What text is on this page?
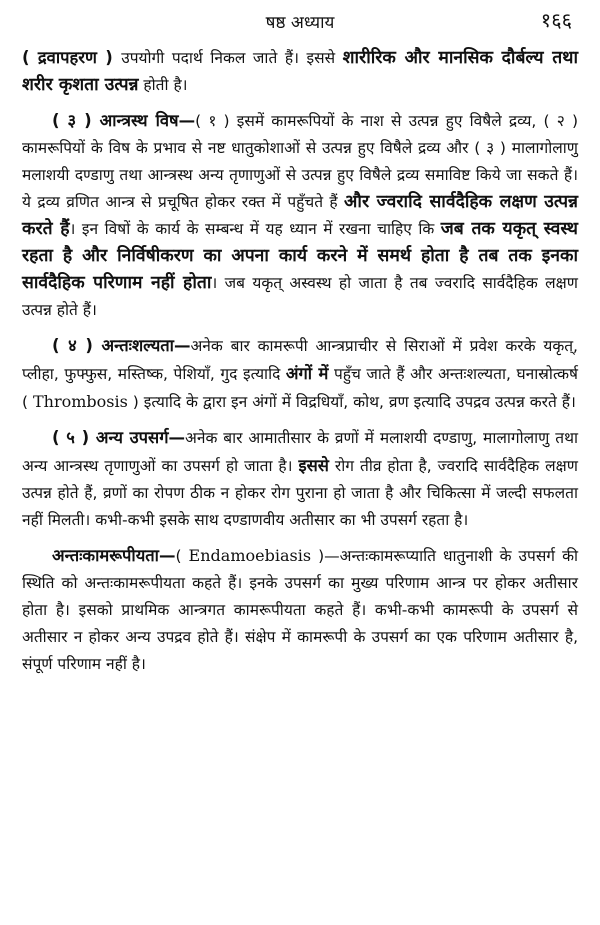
षष्ठ अध्याय	१६६

( द्रवापहरण ) उपयोगी पदार्थ निकल जाते हैं। इससे शारीरिक और मानसिक दौर्बल्य तथा शरीर कृशता उत्पन्न होती है।

( ३ ) आन्त्रस्थ विष—( १ ) इसमें कामरूपियों के नाश से उत्पन्न हुए विषैले द्रव्य, ( २ ) कामरूपियों के विष के प्रभाव से नष्ट धातुकोशाओं से उत्पन्न हुए विषैले द्रव्य और ( ३ ) मालागोलाणु मलाशयी दण्डाणु तथा आन्त्रस्थ अन्य तृणाणुओं से उत्पन्न हुए विषैले द्रव्य समाविष्ट किये जा सकते हैं। ये द्रव्य व्रणित आन्त्र से प्रचूषित होकर रक्त में पहुँचते हैं और ज्वरादि सार्वदैहिक लक्षण उत्पन्न करते हैं। इन विषों के कार्य के सम्बन्ध में यह ध्यान में रखना चाहिए कि जब तक यकृत् स्वस्थ रहता है और निर्विषीकरण का अपना कार्य करने में समर्थ होता है तब तक इनका सार्वदैहिक परिणाम नहीं होता। जब यकृत् अस्वस्थ हो जाता है तब ज्वरादि सार्वदैहिक लक्षण उत्पन्न होते हैं।

( ४ ) अन्तःशल्यता—अनेक बार कामरूपी आन्त्रप्राचीर से सिराओं में प्रवेश करके यकृत्, प्लीहा, फुफ्फुस, मस्तिष्क, पेशियाँ, गुद इत्यादि अंगों में पहुँच जाते हैं और अन्तःशल्यता, घनास्रोत्कर्ष ( Thrombosis ) इत्यादि के द्वारा इन अंगों में विद्रधियाँ, कोथ, व्रण इत्यादि उपद्रव उत्पन्न करते हैं।

( ५ ) अन्य उपसर्ग—अनेक बार आमातीसार के व्रणों में मलाशयी दण्डाणु, मालागोलाणु तथा अन्य आन्त्रस्थ तृणाणुओं का उपसर्ग हो जाता है। इससे रोग तीव्र होता है, ज्वरादि सार्वदैहिक लक्षण उत्पन्न होते हैं, व्रणों का रोपण ठीक न होकर रोग पुराना हो जाता है और चिकित्सा में जल्दी सफलता नहीं मिलती। कभी-कभी इसके साथ दण्डाणवीय अतीसार का भी उपसर्ग रहता है।

अन्तःकामरूपीयता—( Endamoebiasis )—अन्तःकामरूप्याति धातुनाशी के उपसर्ग की स्थिति को अन्तःकामरूपीयता कहते हैं। इनके उपसर्ग का मुख्य परिणाम आन्त्र पर होकर अतीसार होता है। इसको प्राथमिक आन्त्रगत कामरूपीयता कहते हैं। कभी-कभी कामरूपी के उपसर्ग से अतीसार न होकर अन्य उपद्रव होते हैं। संक्षेप में कामरूपी के उपसर्ग का एक परिणाम अतीसार है, संपूर्ण परिणाम नहीं है।
